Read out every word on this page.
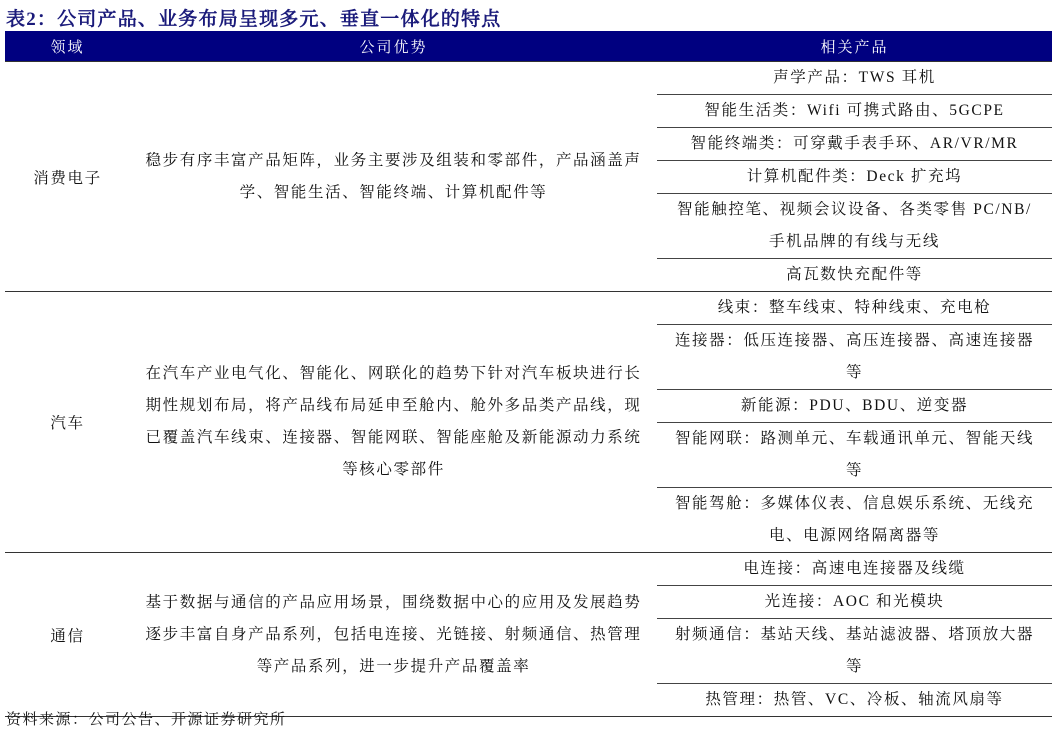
表2：公司产品、业务布局呈现多元、垂直一体化的特点
领域	公司优势	相关产品
消费电子	稳步有序丰富产品矩阵，业务主要涉及组装和零部件，产品涵盖声
学、智能生活、智能终端、计算机配件等	声学产品：TWS 耳机

		智能生活类：Wifi 可携式路由、5GCPE

		智能终端类：可穿戴手表手环、AR/VR/MR

		计算机配件类：Deck 扩充坞

		智能触控笔、视频会议设备、各类零售 PC/NB/
手机品牌的有线与无线

		高瓦数快充配件等

汽车	在汽车产业电气化、智能化、网联化的趋势下针对汽车板块进行长
期性规划布局，将产品线布局延申至舱内、舱外多品类产品线，现
已覆盖汽车线束、连接器、智能网联、智能座舱及新能源动力系统
等核心零部件	线束：整车线束、特种线束、充电枪

		连接器：低压连接器、高压连接器、高速连接器
等

		新能源：PDU、BDU、逆变器

		智能网联：路测单元、车载通讯单元、智能天线
等

		智能驾舱：多媒体仪表、信息娱乐系统、无线充
电、电源网络隔离器等

通信	基于数据与通信的产品应用场景，围绕数据中心的应用及发展趋势
逐步丰富自身产品系列，包括电连接、光链接、射频通信、热管理
等产品系列，进一步提升产品覆盖率	电连接：高速电连接器及线缆

		光连接：AOC 和光模块

		射频通信：基站天线、基站滤波器、塔顶放大器
等

		热管理：热管、VC、冷板、轴流风扇等
资料来源：公司公告、开源证券研究所
